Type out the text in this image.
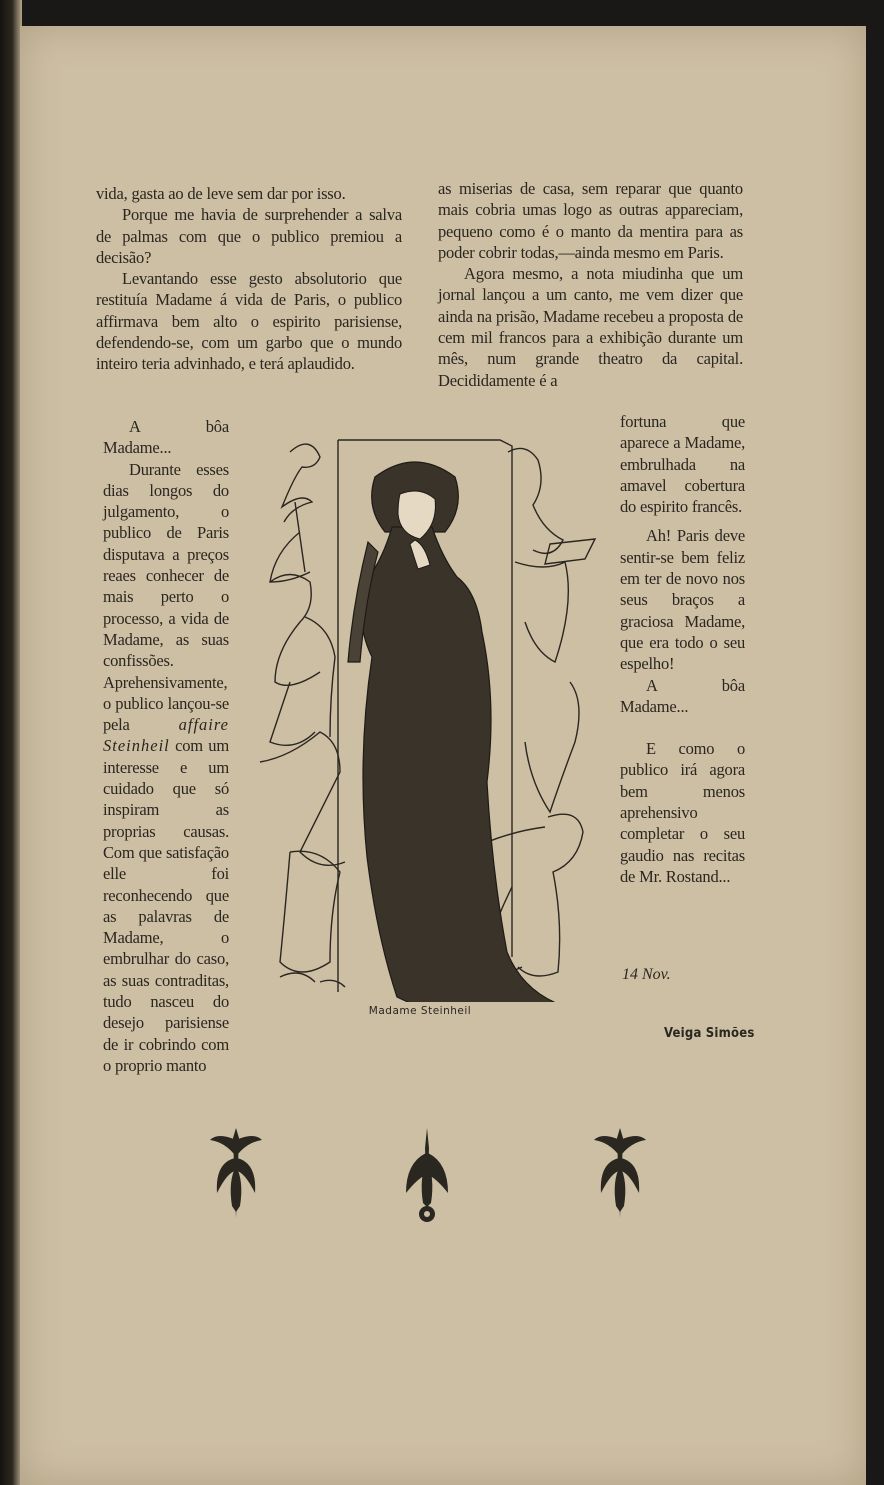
vida, gasta ao de leve sem dar por isso.

Porque me havia de surprehender a salva de palmas com que o publico premiou a decisão?

Levantando esse gesto absolutorio que restituía Madame á vida de Paris, o publico affirmava bem alto o espirito parisiense, defendendo-se, com um garbo que o mundo inteiro teria advinhado, e terá aplaudido.

A bôa Madame...

Durante esses dias longos do julgamento, o publico de Paris disputava a preços reaes conhecer de mais perto o processo, a vida de Madame, as suas confissões. Aprehensivamente, o publico lançou-se pela	affaire Steinheil com um interesse e um cuidado que só inspiram as proprias causas. Com que satisfação elle foi reconhecendo que as palavras de Madame, o embrulhar do caso, as suas contraditas, tudo nasceu do desejo parisiense de ir cobrindo com o proprio manto

as miserias de casa, sem reparar que quanto mais cobria umas logo as outras appareciam, pequeno como é o manto da mentira para as poder cobrir todas,—ainda mesmo em Paris.

Agora mesmo, a nota miudinha que um jornal lançou a um canto, me vem dizer que ainda na prisão, Madame recebeu a proposta de cem mil francos para a exhibição durante um mês, num grande theatro da capital. Decididamente é a

fortuna que aparece a Madame, embrulhada na amavel cobertura do espirito francês.

Ah! Paris deve sentir-se bem feliz em ter de novo nos seus braços a graciosa Madame, que era todo o seu espelho!

A bôa Madame...

E como o publico irá agora bem menos aprehensivo completar o seu gaudio nas recitas de Mr. Rostand...

Madame Steinheil
14 Nov.
Veiga Simões
